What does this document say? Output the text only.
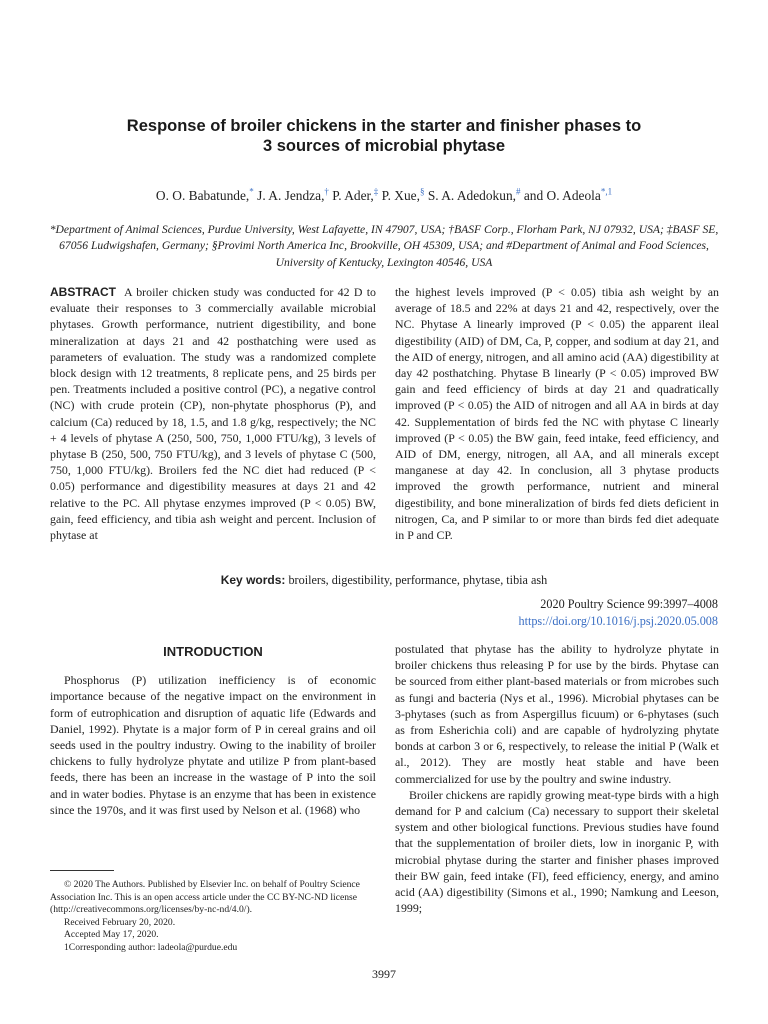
Response of broiler chickens in the starter and finisher phases to
3 sources of microbial phytase
O. O. Babatunde,* J. A. Jendza,† P. Ader,‡ P. Xue,§ S. A. Adedokun,# and O. Adeola$^{*,1}$
*Department of Animal Sciences, Purdue University, West Lafayette, IN 47907, USA; †BASF Corp., Florham Park, NJ 07932, USA; ‡BASF SE, 67056 Ludwigshafen, Germany; §Provimi North America Inc, Brookville, OH 45309, USA; and #Department of Animal and Food Sciences, University of Kentucky, Lexington 40546, USA
ABSTRACT A broiler chicken study was conducted for 42 D to evaluate their responses to 3 commercially available microbial phytases. Growth performance, nutrient digestibility, and bone mineralization at days 21 and 42 posthatching were used as parameters of evaluation. The study was a randomized complete block design with 12 treatments, 8 replicate pens, and 25 birds per pen. Treatments included a positive control (PC), a negative control (NC) with crude protein (CP), non-phytate phosphorus (P), and calcium (Ca) reduced by 18, 1.5, and 1.8 g/kg, respectively; the NC + 4 levels of phytase A (250, 500, 750, 1,000 FTU/kg), 3 levels of phytase B (250, 500, 750 FTU/kg), and 3 levels of phytase C (500, 750, 1,000 FTU/kg). Broilers fed the NC diet had reduced (P < 0.05) performance and digestibility measures at days 21 and 42 relative to the PC. All phytase enzymes improved (P < 0.05) BW, gain, feed efficiency, and tibia ash weight and percent. Inclusion of phytase at
the highest levels improved (P < 0.05) tibia ash weight by an average of 18.5 and 22% at days 21 and 42, respectively, over the NC. Phytase A linearly improved (P < 0.05) the apparent ileal digestibility (AID) of DM, Ca, P, copper, and sodium at day 21, and the AID of energy, nitrogen, and all amino acid (AA) digestibility at day 42 posthatching. Phytase B linearly (P < 0.05) improved BW gain and feed efficiency of birds at day 21 and quadratically improved (P < 0.05) the AID of nitrogen and all AA in birds at day 42. Supplementation of birds fed the NC with phytase C linearly improved (P < 0.05) the BW gain, feed intake, feed efficiency, and AID of DM, energy, nitrogen, all AA, and all minerals except manganese at day 42. In conclusion, all 3 phytase products improved the growth performance, nutrient and mineral digestibility, and bone mineralization of birds fed diets deficient in nitrogen, Ca, and P similar to or more than birds fed diet adequate in P and CP.
Key words: broilers, digestibility, performance, phytase, tibia ash
2020 Poultry Science 99:3997–4008
https://doi.org/10.1016/j.psj.2020.05.008
INTRODUCTION

Phosphorus (P) utilization inefficiency is of economic importance because of the negative impact on the environment in form of eutrophication and disruption of aquatic life (Edwards and Daniel, 1992). Phytate is a major form of P in cereal grains and oil seeds used in the poultry industry. Owing to the inability of broiler chickens to fully hydrolyze phytate and utilize P from plant-based feeds, there has been an increase in the wastage of P into the soil and in water bodies. Phytase is an enzyme that has been in existence since the 1970s, and it was first used by Nelson et al. (1968) who

postulated that phytase has the ability to hydrolyze phytate in broiler chickens thus releasing P for use by the birds. Phytase can be sourced from either plant-based materials or from microbes such as fungi and bacteria (Nys et al., 1996). Microbial phytases can be 3-phytases (such as from Aspergillus ficuum) or 6-phytases (such as from Esherichia coli) and are capable of hydrolyzing phytate bonds at carbon 3 or 6, respectively, to release the initial P (Walk et al., 2012). They are mostly heat stable and have been commercialized for use by the poultry and swine industry.

Broiler chickens are rapidly growing meat-type birds with a high demand for P and calcium (Ca) necessary to support their skeletal system and other biological functions. Previous studies have found that the supplementation of broiler diets, low in inorganic P, with microbial phytase during the starter and finisher phases improved their BW gain, feed intake (FI), feed efficiency, energy, and amino acid (AA) digestibility (Simons et al., 1990; Namkung and Leeson, 1999;

© 2020 The Authors. Published by Elsevier Inc. on behalf of Poultry Science Association Inc. This is an open access article under the CC BY-NC-ND license (http://creativecommons.org/licenses/by-nc-nd/4.0/).

Received February 20, 2020.

Accepted May 17, 2020.

1Corresponding author: ladeola@purdue.edu

3997
